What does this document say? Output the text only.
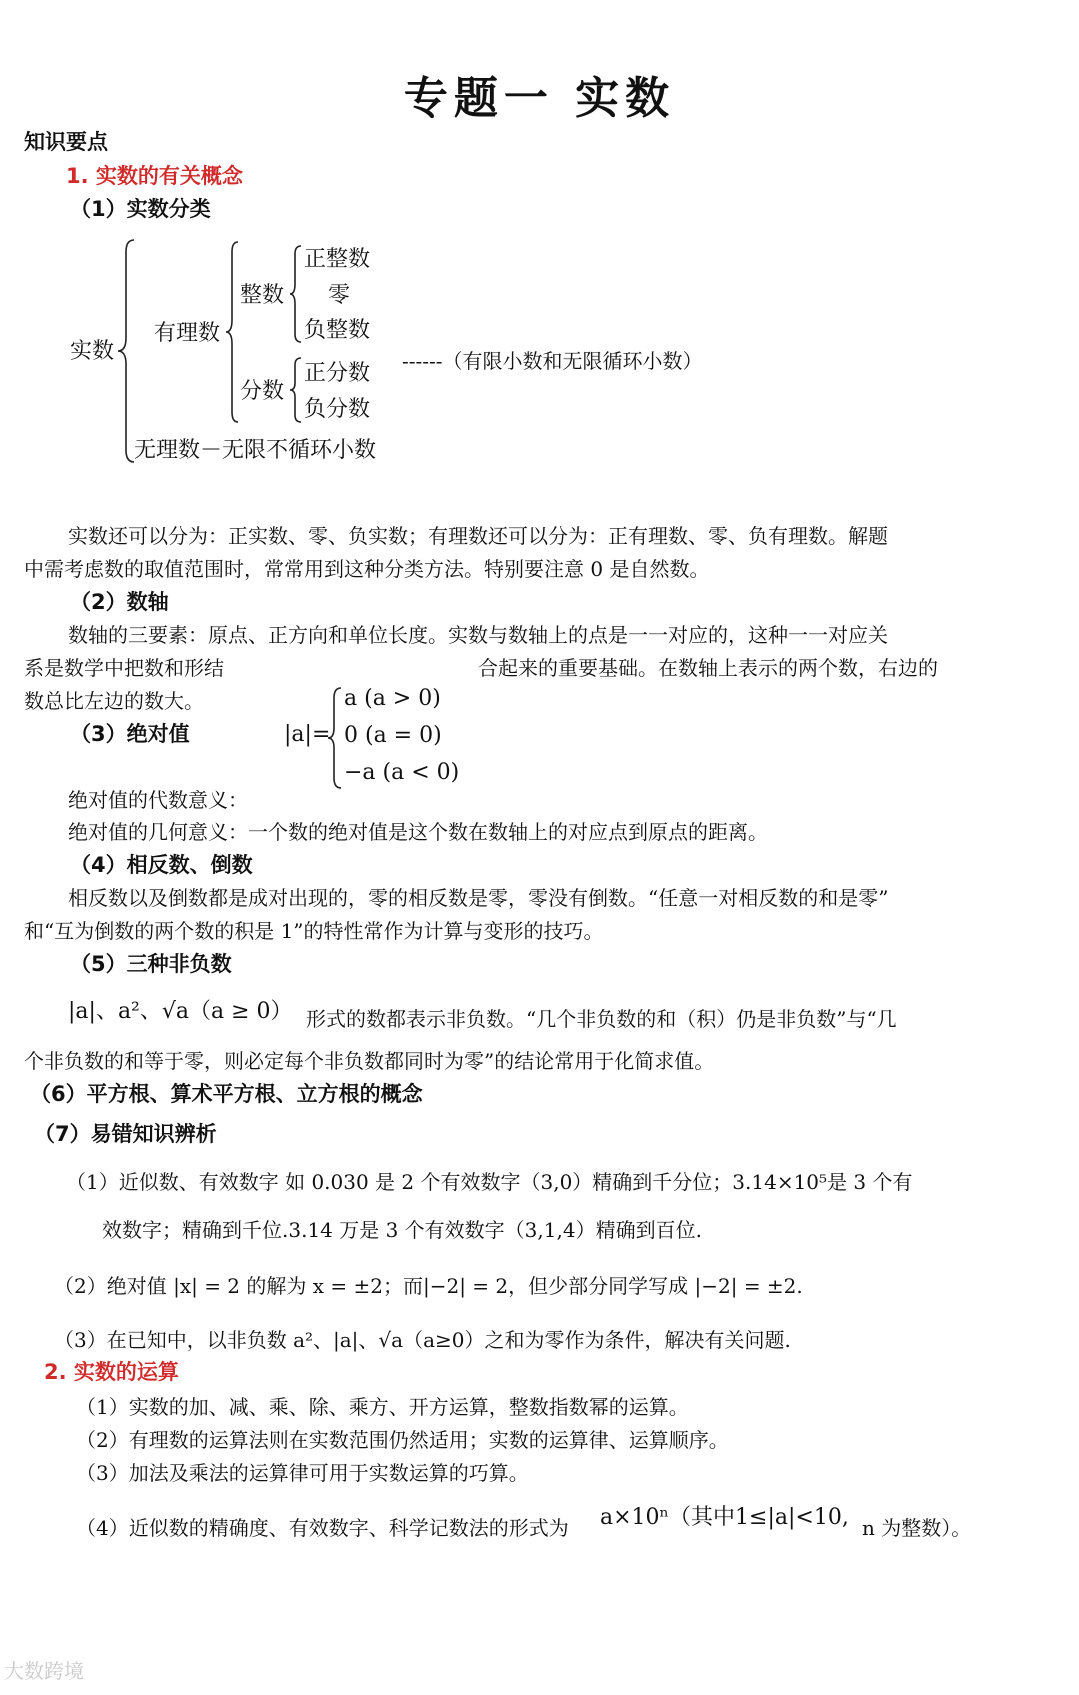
专题一 实数
知识要点
1. 实数的有关概念
（1）实数分类
实数
有理数
整数
正整数
零
负整数
分数
正分数
负分数
------（有限小数和无限循环小数）
无理数－无限不循环小数
实数还可以分为：正实数、零、负实数；有理数还可以分为：正有理数、零、负有理数。解题
中需考虑数的取值范围时，常常用到这种分类方法。特别要注意 0 是自然数。
（2）数轴
数轴的三要素：原点、正方向和单位长度。实数与数轴上的点是一一对应的，这种一一对应关
系是数学中把数和形结	合起来的重要基础。在数轴上表示的两个数，右边的
数总比左边的数大。
（3）绝对值	|a|=
a (a > 0)
0 (a = 0)
−a (a < 0)
绝对值的代数意义：
绝对值的几何意义：一个数的绝对值是这个数在数轴上的对应点到原点的距离。
（4）相反数、倒数
相反数以及倒数都是成对出现的，零的相反数是零，零没有倒数。“任意一对相反数的和是零”
和“互为倒数的两个数的积是 1”的特性常作为计算与变形的技巧。
（5）三种非负数
|a|、a²、√a（a ≥ 0） 形式的数都表示非负数。“几个非负数的和（积）仍是非负数”与“几
个非负数的和等于零，则必定每个非负数都同时为零”的结论常用于化简求值。
（6）平方根、算术平方根、立方根的概念
（7）易错知识辨析
（1）近似数、有效数字 如 0.030 是 2 个有效数字（3,0）精确到千分位；3.14×10⁵是 3 个有
效数字；精确到千位.3.14 万是 3 个有效数字（3,1,4）精确到百位.
（2）绝对值 |x| = 2 的解为 x = ±2；而|−2| = 2，但少部分同学写成 |−2| = ±2.
（3）在已知中，以非负数 a²、|a|、√a（a≥0）之和为零作为条件，解决有关问题.
2. 实数的运算
（1）实数的加、减、乘、除、乘方、开方运算，整数指数幂的运算。
（2）有理数的运算法则在实数范围仍然适用；实数的运算律、运算顺序。
（3）加法及乘法的运算律可用于实数运算的巧算。
（4）近似数的精确度、有效数字、科学记数法的形式为 a×10ⁿ（其中1≤|a|<10, n 为整数）。
大数跨境
